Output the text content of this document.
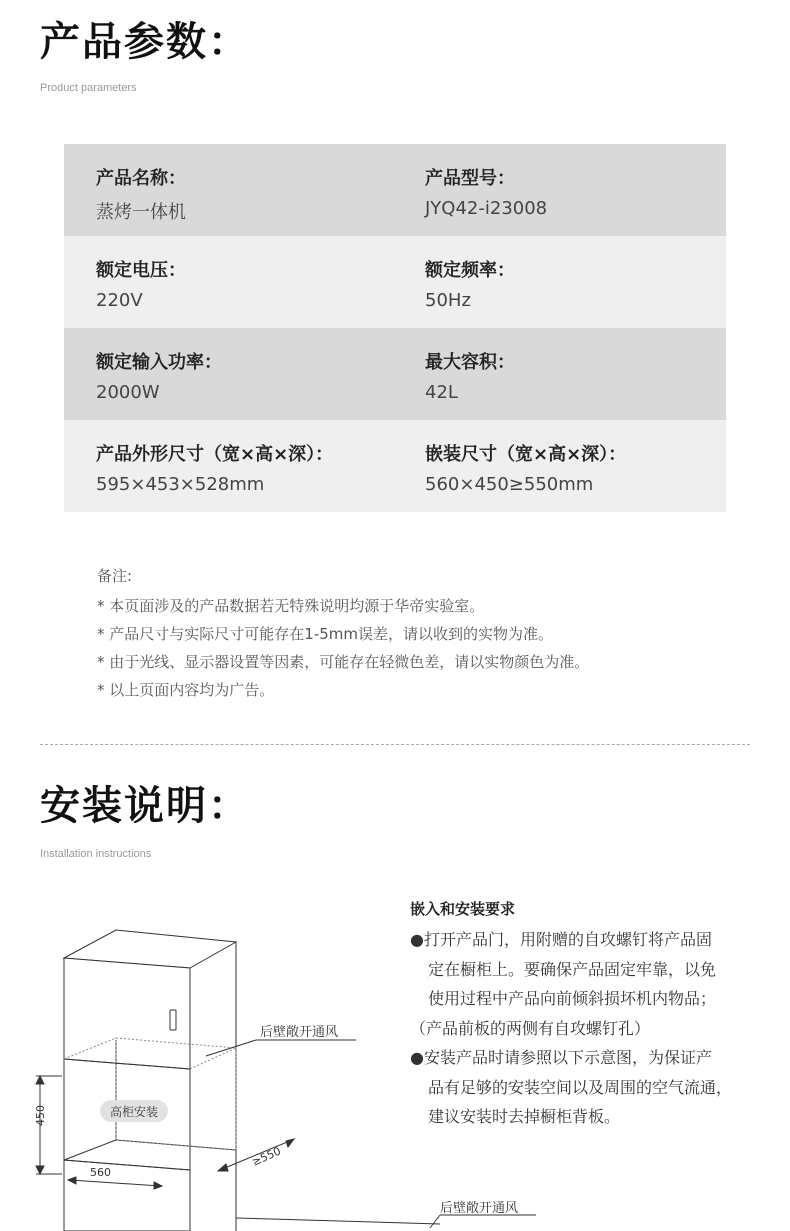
产品参数：
Product parameters
产品名称：
蒸烤一体机
产品型号：
JYQ42-i23008
额定电压：
220V
额定频率：
50Hz
额定输入功率：
2000W
最大容积：
42L
产品外形尺寸（宽×高×深）：
595×453×528mm
嵌装尺寸（宽×高×深）：
560×450≥550mm
备注:
* 本页面涉及的产品数据若无特殊说明均源于华帝实验室。
* 产品尺寸与实际尺寸可能存在1-5mm误差，请以收到的实物为准。
* 由于光线、显示器设置等因素，可能存在轻微色差，请以实物颜色为准。
* 以上页面内容均为广告。
安装说明：
Installation instructions
嵌入和安装要求

●打开产品门，用附赠的自攻螺钉将产品固

定在橱柜上。要确保产品固定牢靠，以免

使用过程中产品向前倾斜损坏机内物品；

（产品前板的两侧有自攻螺钉孔）

●安装产品时请参照以下示意图，为保证产

品有足够的安装空间以及周围的空气流通，

建议安装时去掉橱柜背板。

高柜安装
后壁敞开通风
后壁敞开通风
450
560
≥550
